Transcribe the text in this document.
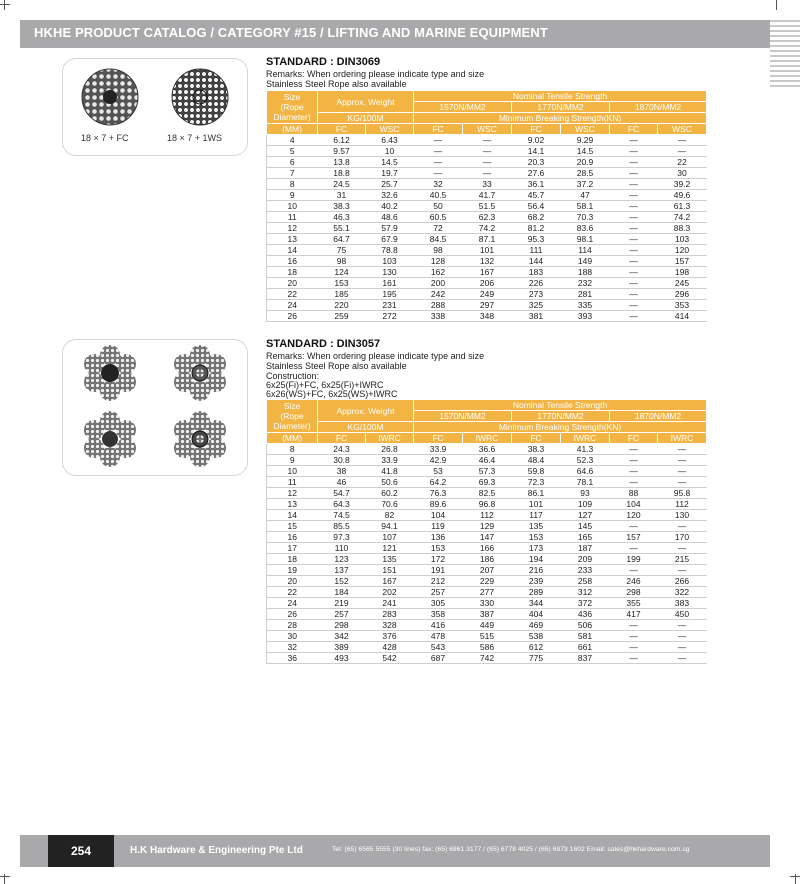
HKHE PRODUCT CATALOG / CATEGORY #15 / LIFTING AND MARINE EQUIPMENT
18 × 7 + FC	18 × 7 + 1WS
STANDARD : DIN3069
Remarks: When ordering please indicate type and size
Stainless Steel Rope also available
Size
(Rope
Diameter)	Approx. Weight		Nominal Tensile Strength					
			1570N/MM2		1770N/MM2		1870N/MM2	
	KG/100M		Minimum Breaking Strength(KN)					
(MM)	FC	WSC	FC	WSC	FC	WSC	FC	WSC
4	6.12	6.43	—	—	9.02	9.29	—	—
5	9.57	10	—	—	14.1	14.5	—	—
6	13.8	14.5	—	—	20.3	20.9	—	22
7	18.8	19.7	—	—	27.6	28.5	—	30
8	24.5	25.7	32	33	36.1	37.2	—	39.2
9	31	32.6	40.5	41.7	45.7	47	—	49.6
10	38.3	40.2	50	51.5	56.4	58.1	—	61.3
11	46.3	48.6	60.5	62.3	68.2	70.3	—	74.2
12	55.1	57.9	72	74.2	81.2	83.6	—	88.3
13	64.7	67.9	84.5	87.1	95.3	98.1	—	103
14	75	78.8	98	101	111	114	—	120
16	98	103	128	132	144	149	—	157
18	124	130	162	167	183	188	—	198
20	153	161	200	206	226	232	—	245
22	185	195	242	249	273	281	—	296
24	220	231	288	297	325	335	—	353
26	259	272	338	348	381	393	—	414
STANDARD : DIN3057
Remarks: When ordering please indicate type and size
Stainless Steel Rope also available
Construction:
6x25(Fi)+FC, 6x25(Fi)+IWRC
6x26(WS)+FC, 6x25(WS)+IWRC
Size
(Rope
Diameter)	Approx. Weight		Nominal Tensile Strength					
			1570N/MM2		1770N/MM2		1870N/MM2	
	KG/100M		Minimum Breaking Strength(KN)					
(MM)	FC	IWRC	FC	IWRC	FC	IWRC	FC	IWRC
8	24.3	26.8	33.9	36.6	38.3	41.3	—	—
9	30.8	33.9	42.9	46.4	48.4	52.3	—	—
10	38	41.8	53	57.3	59.8	64.6	—	—
11	46	50.6	64.2	69.3	72.3	78.1	—	—
12	54.7	60.2	76.3	82.5	86.1	93	88	95.8
13	64.3	70.6	89.6	96.8	101	109	104	112
14	74.5	82	104	112	117	127	120	130
15	85.5	94.1	119	129	135	145	—	—
16	97.3	107	136	147	153	165	157	170
17	110	121	153	166	173	187	—	—
18	123	135	172	186	194	209	199	215
19	137	151	191	207	216	233	—	—
20	152	167	212	229	239	258	246	266
22	184	202	257	277	289	312	298	322
24	219	241	305	330	344	372	355	383
26	257	283	358	387	404	436	417	450
28	298	328	416	449	469	506	—	—
30	342	376	478	515	538	581	—	—
32	389	428	543	586	612	661	—	—
36	493	542	687	742	775	837	—	—
254	H.K Hardware & Engineering Pte Ltd	Tel: (65) 6565 5555 (30 lines) fax: (65) 6861 3177 / (65) 6778 4025 / (65) 6873 1602 Email: sales@hkhardware.com.sg
